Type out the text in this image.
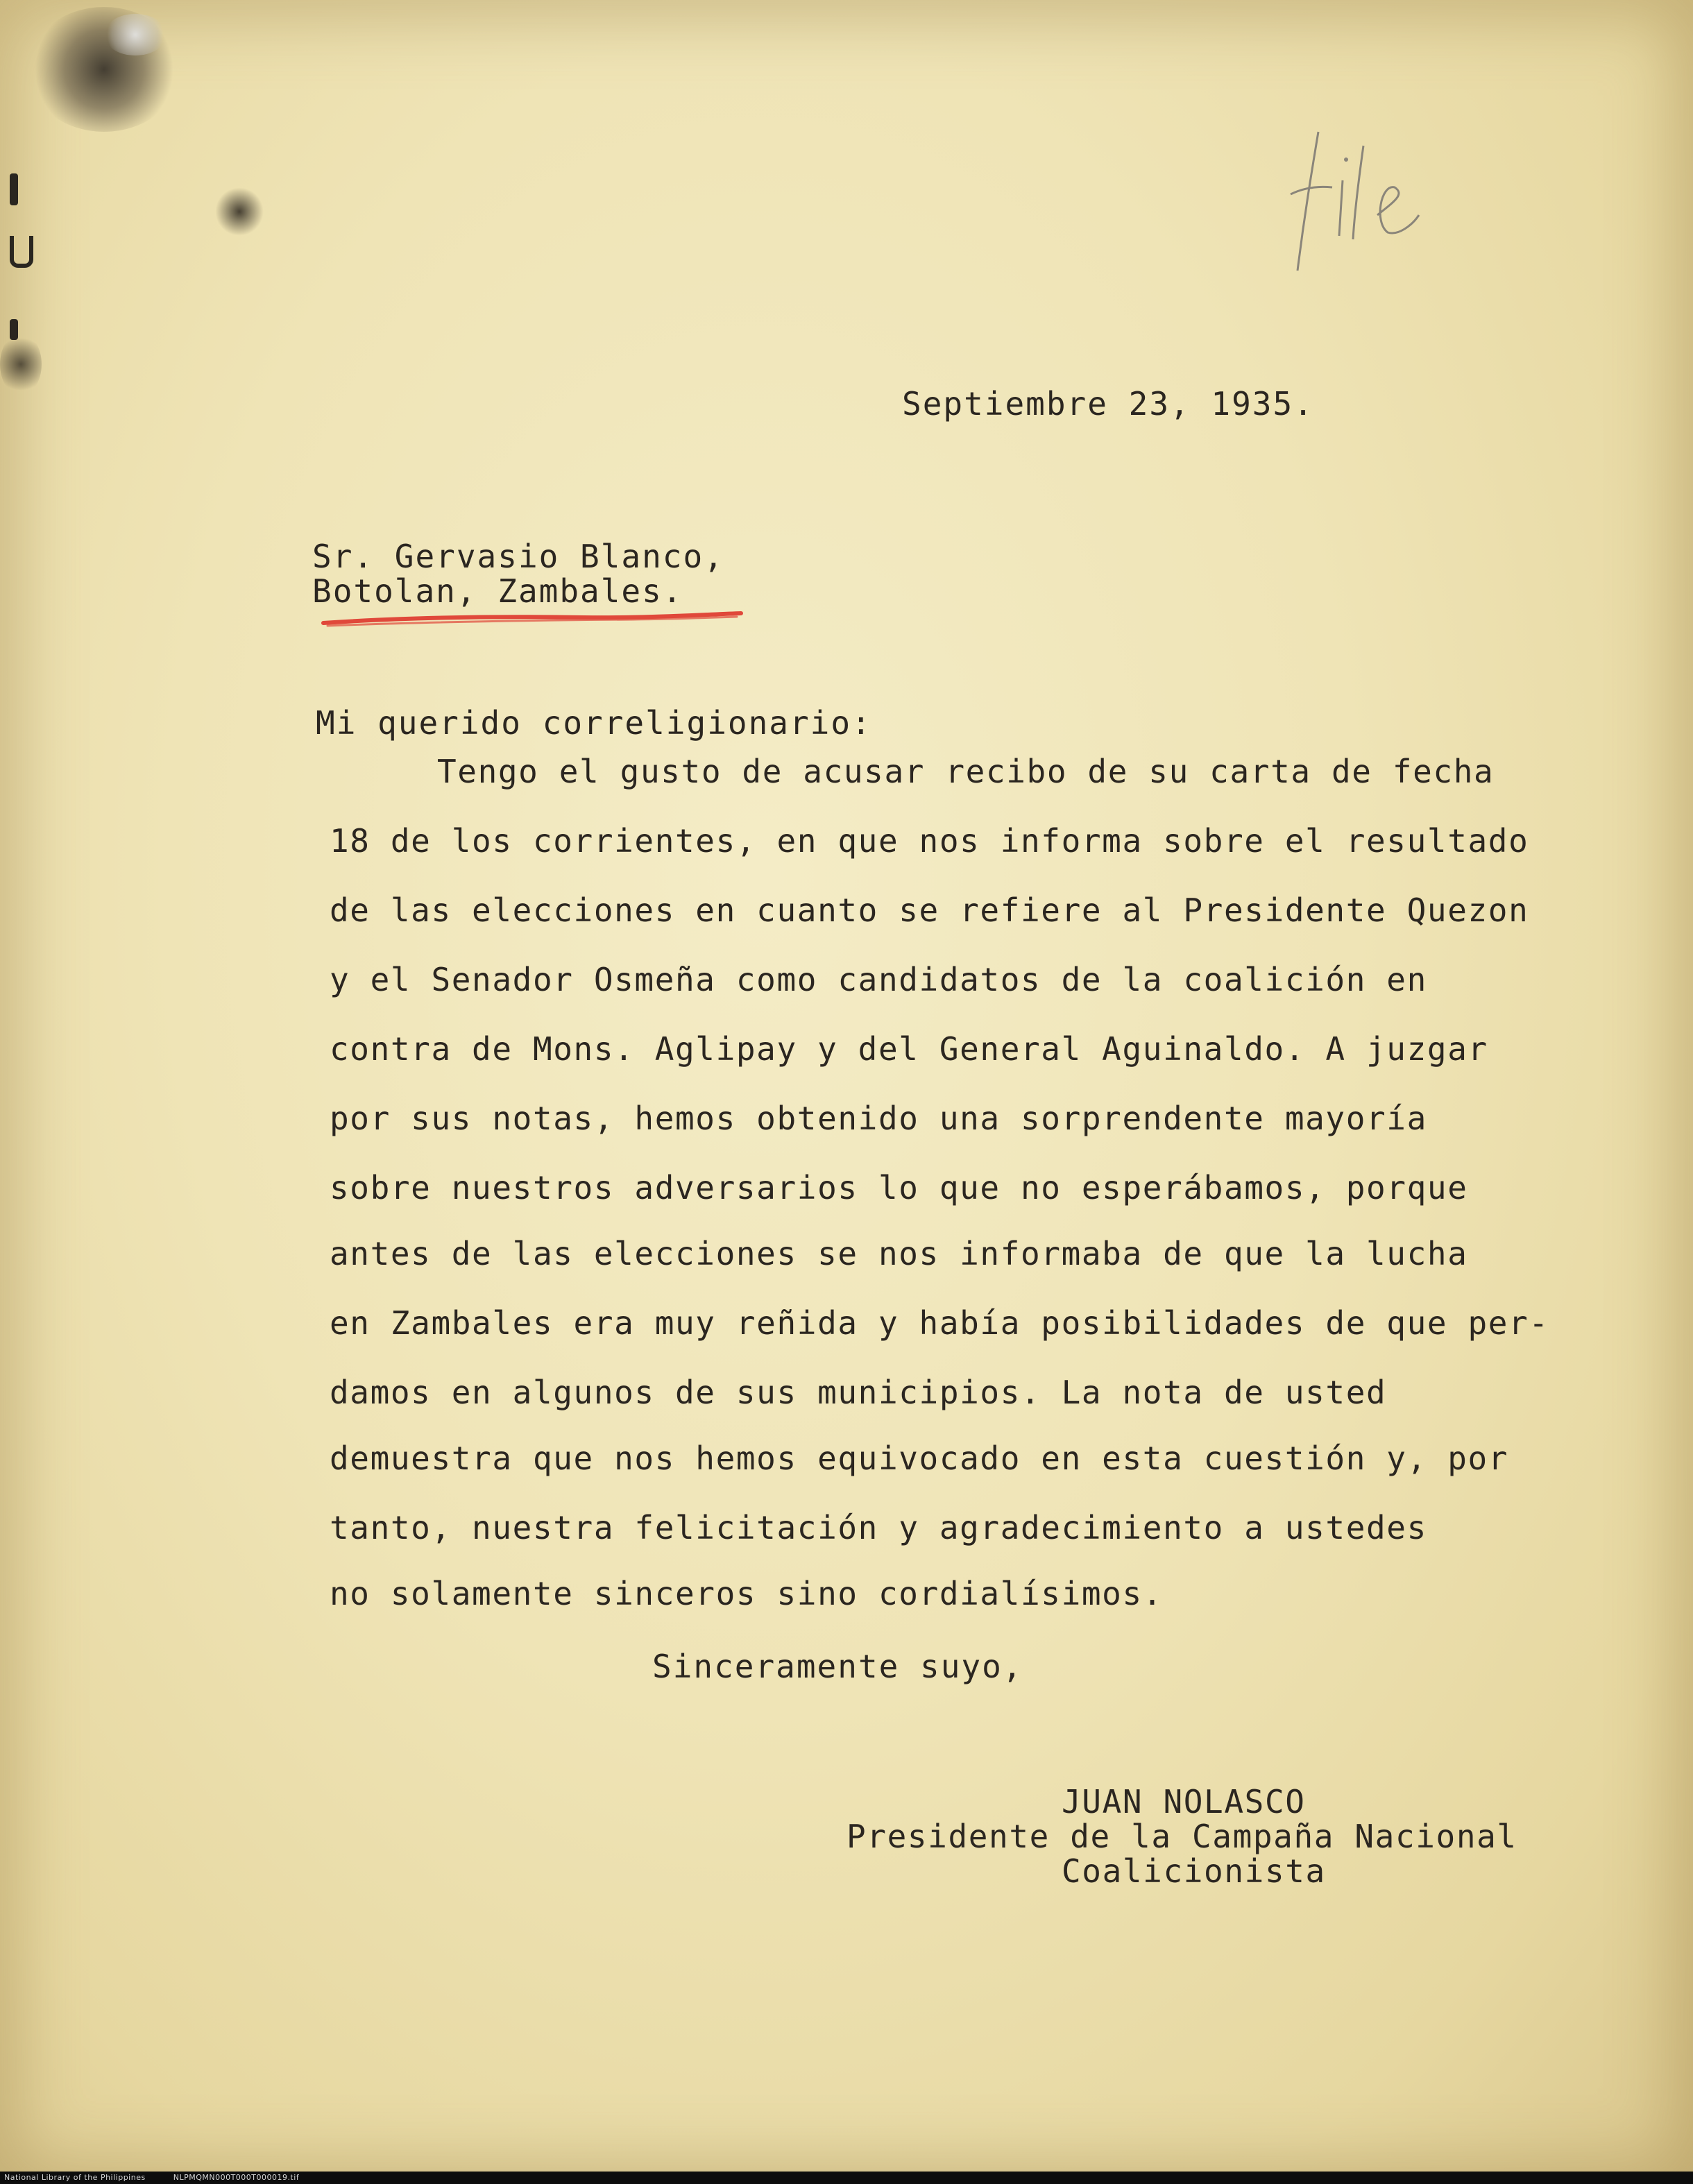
Septiembre 23, 1935.
Sr. Gervasio Blanco,
Botolan, Zambales.
Mi querido correligionario:
Tengo el gusto de acusar recibo de su carta de fecha
18 de los corrientes, en que nos informa sobre el resultado
de las elecciones en cuanto se refiere al Presidente Quezon
y el Senador Osmeña como candidatos de la coalición en
contra de Mons. Aglipay y del General Aguinaldo. A juzgar
por sus notas, hemos obtenido una sorprendente mayoría
sobre nuestros adversarios lo que no esperábamos, porque
antes de las elecciones se nos informaba de que la lucha
en Zambales era muy reñida y había posibilidades de que per-
damos en algunos de sus municipios. La nota de usted
demuestra que nos hemos equivocado en esta cuestión y, por
tanto, nuestra felicitación y agradecimiento a ustedes
no solamente sinceros sino cordialísimos.
Sinceramente suyo,
JUAN NOLASCO
Presidente de la Campaña Nacional
Coalicionista
National Library of the Philippines	NLPMQMN000T000T000019.tif
